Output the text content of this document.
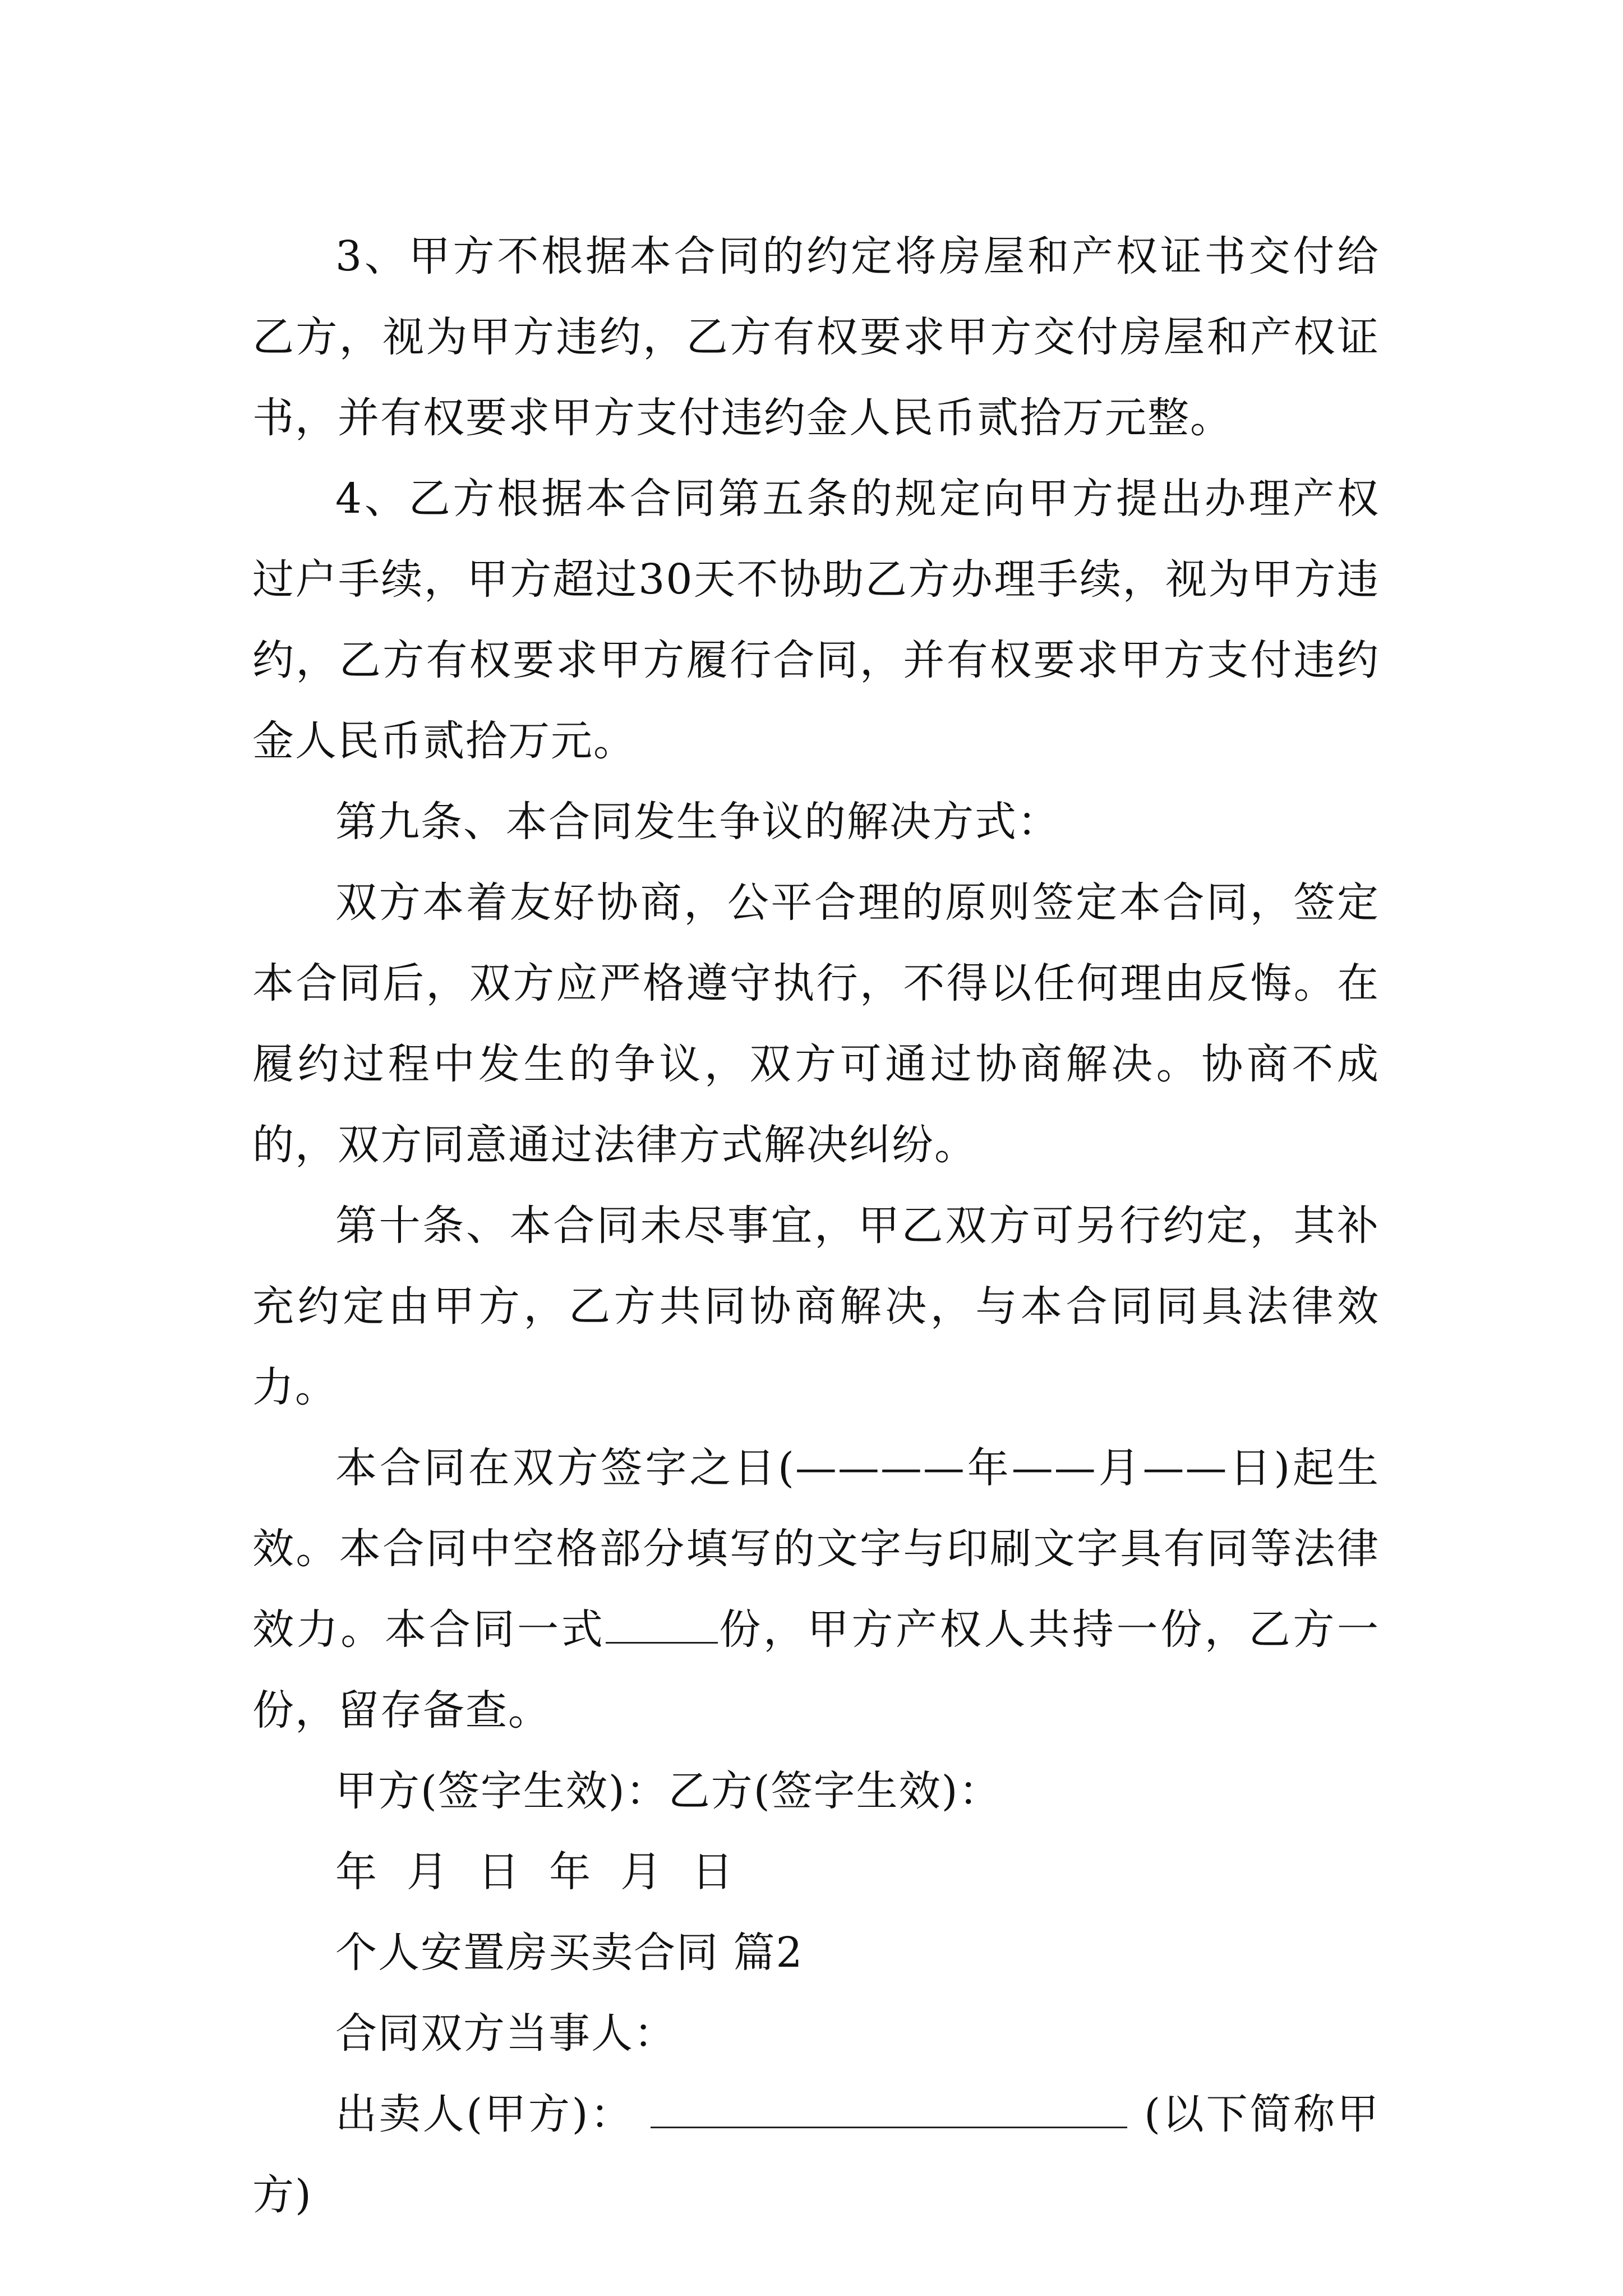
3、甲方不根据本合同的约定将房屋和产权证书交付给乙方，视为甲方违约，乙方有权要求甲方交付房屋和产权证书，并有权要求甲方支付违约金人民币贰拾万元整。

4、乙方根据本合同第五条的规定向甲方提出办理产权过户手续，甲方超过30天不协助乙方办理手续，视为甲方违约，乙方有权要求甲方履行合同，并有权要求甲方支付违约金人民币贰拾万元。

第九条、本合同发生争议的解决方式：

双方本着友好协商，公平合理的原则签定本合同，签定本合同后，双方应严格遵守执行，不得以任何理由反悔。在履约过程中发生的争议，双方可通过协商解决。协商不成的，双方同意通过法律方式解决纠纷。

第十条、本合同未尽事宜，甲乙双方可另行约定，其补充约定由甲方，乙方共同协商解决，与本合同同具法律效力。

本合同在双方签字之日(————年——月——日)起生效。本合同中空格部分填写的文字与印刷文字具有同等法律效力。本合同一式	份，甲方产权人共持一份，乙方一份，留存备查。

甲方(签字生效)：乙方(签字生效)：

年  月  日  年  月  日

个人安置房买卖合同 篇2

合同双方当事人：

出卖人(甲方)：	(以下简称甲方)
